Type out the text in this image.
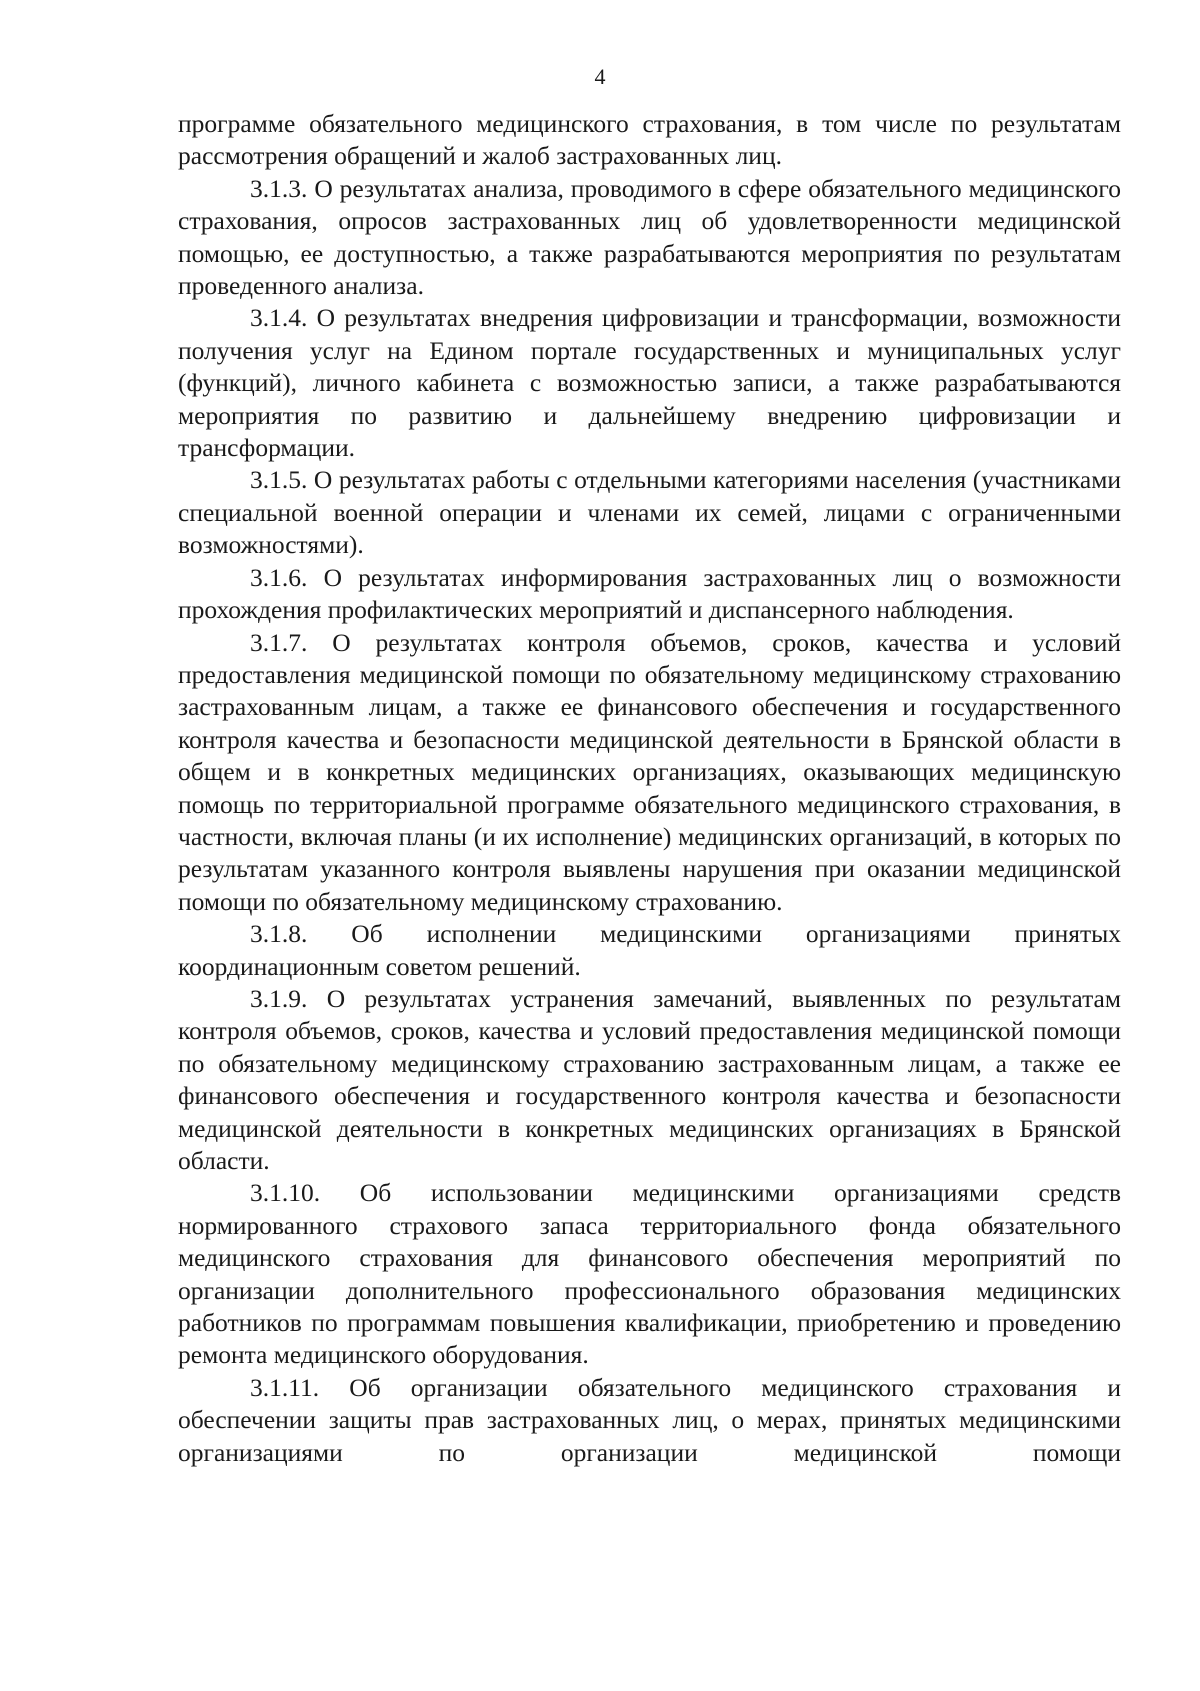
4

программе обязательного медицинского страхования, в том числе по результатам рассмотрения обращений и жалоб застрахованных лиц.

3.1.3. О результатах анализа, проводимого в сфере обязательного медицинского страхования, опросов застрахованных лиц об удовлетворенности медицинской помощью, ее доступностью, а также разрабатываются мероприятия по результатам проведенного анализа.

3.1.4. О результатах внедрения цифровизации и трансформации, возможности получения услуг на Едином портале государственных и муниципальных услуг (функций), личного кабинета с возможностью записи, а также разрабатываются мероприятия по развитию и дальнейшему внедрению цифровизации и трансформации.

3.1.5. О результатах работы с отдельными категориями населения (участниками специальной военной операции и членами их семей, лицами с ограниченными возможностями).

3.1.6. О результатах информирования застрахованных лиц о возможности прохождения профилактических мероприятий и диспансерного наблюдения.

3.1.7. О результатах контроля объемов, сроков, качества и условий предоставления медицинской помощи по обязательному медицинскому страхованию застрахованным лицам, а также ее финансового обеспечения и государственного контроля качества и безопасности медицинской деятельности в Брянской области в общем и в конкретных медицинских организациях, оказывающих медицинскую помощь по территориальной программе обязательного медицинского страхования, в частности, включая планы (и их исполнение) медицинских организаций, в которых по результатам указанного контроля выявлены нарушения при оказании медицинской помощи по обязательному медицинскому страхованию.

3.1.8. Об исполнении медицинскими организациями принятых координационным советом решений.

3.1.9. О результатах устранения замечаний, выявленных по результатам контроля объемов, сроков, качества и условий предоставления медицинской помощи по обязательному медицинскому страхованию застрахованным лицам, а также ее финансового обеспечения и государственного контроля качества и безопасности медицинской деятельности в конкретных медицинских организациях в Брянской области.

3.1.10. Об использовании медицинскими организациями средств нормированного страхового запаса территориального фонда обязательного медицинского страхования для финансового обеспечения мероприятий по организации дополнительного профессионального образования медицинских работников по программам повышения квалификации, приобретению и проведению ремонта медицинского оборудования.

3.1.11. Об организации обязательного медицинского страхования и обеспечении защиты прав застрахованных лиц, о мерах, принятых медицинскими организациями по организации медицинской помощи
